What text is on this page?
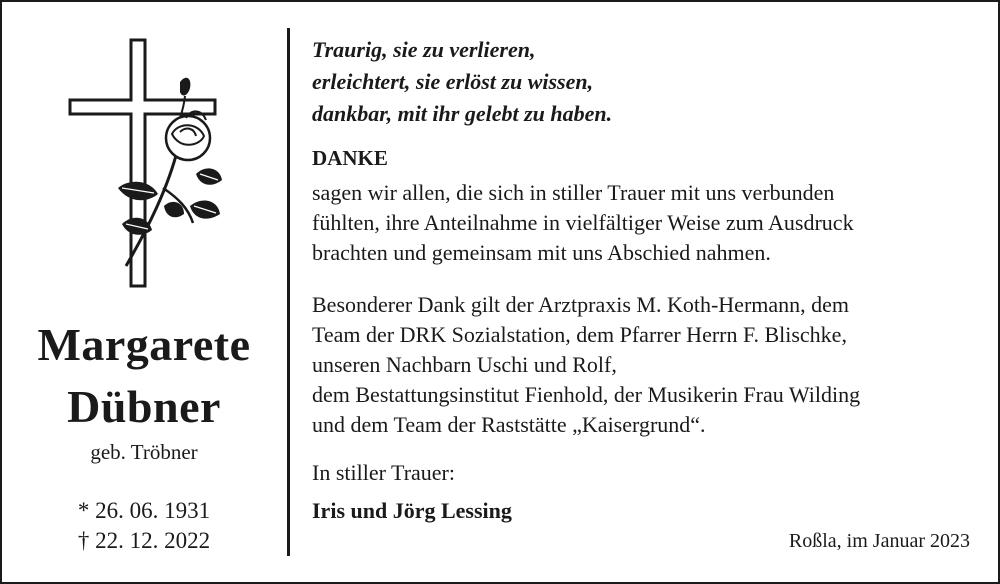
Margarete
Dübner
geb. Tröbner
* 26. 06. 1931
† 22. 12. 2022
Traurig, sie zu verlieren,
erleichtert, sie erlöst zu wissen,
dankbar, mit ihr gelebt zu haben.
DANKE
sagen wir allen, die sich in stiller Trauer mit uns verbunden
fühlten, ihre Anteilnahme in vielfältiger Weise zum Ausdruck
brachten und gemeinsam mit uns Abschied nahmen.
Besonderer Dank gilt der Arztpraxis M. Koth-Hermann, dem
Team der DRK Sozialstation, dem Pfarrer Herrn F. Blischke,
unseren Nachbarn Uschi und Rolf,
dem Bestattungsinstitut Fienhold, der Musikerin Frau Wilding
und dem Team der Raststätte „Kaisergrund“.
In stiller Trauer:
Iris und Jörg Lessing
Roßla, im Januar 2023
